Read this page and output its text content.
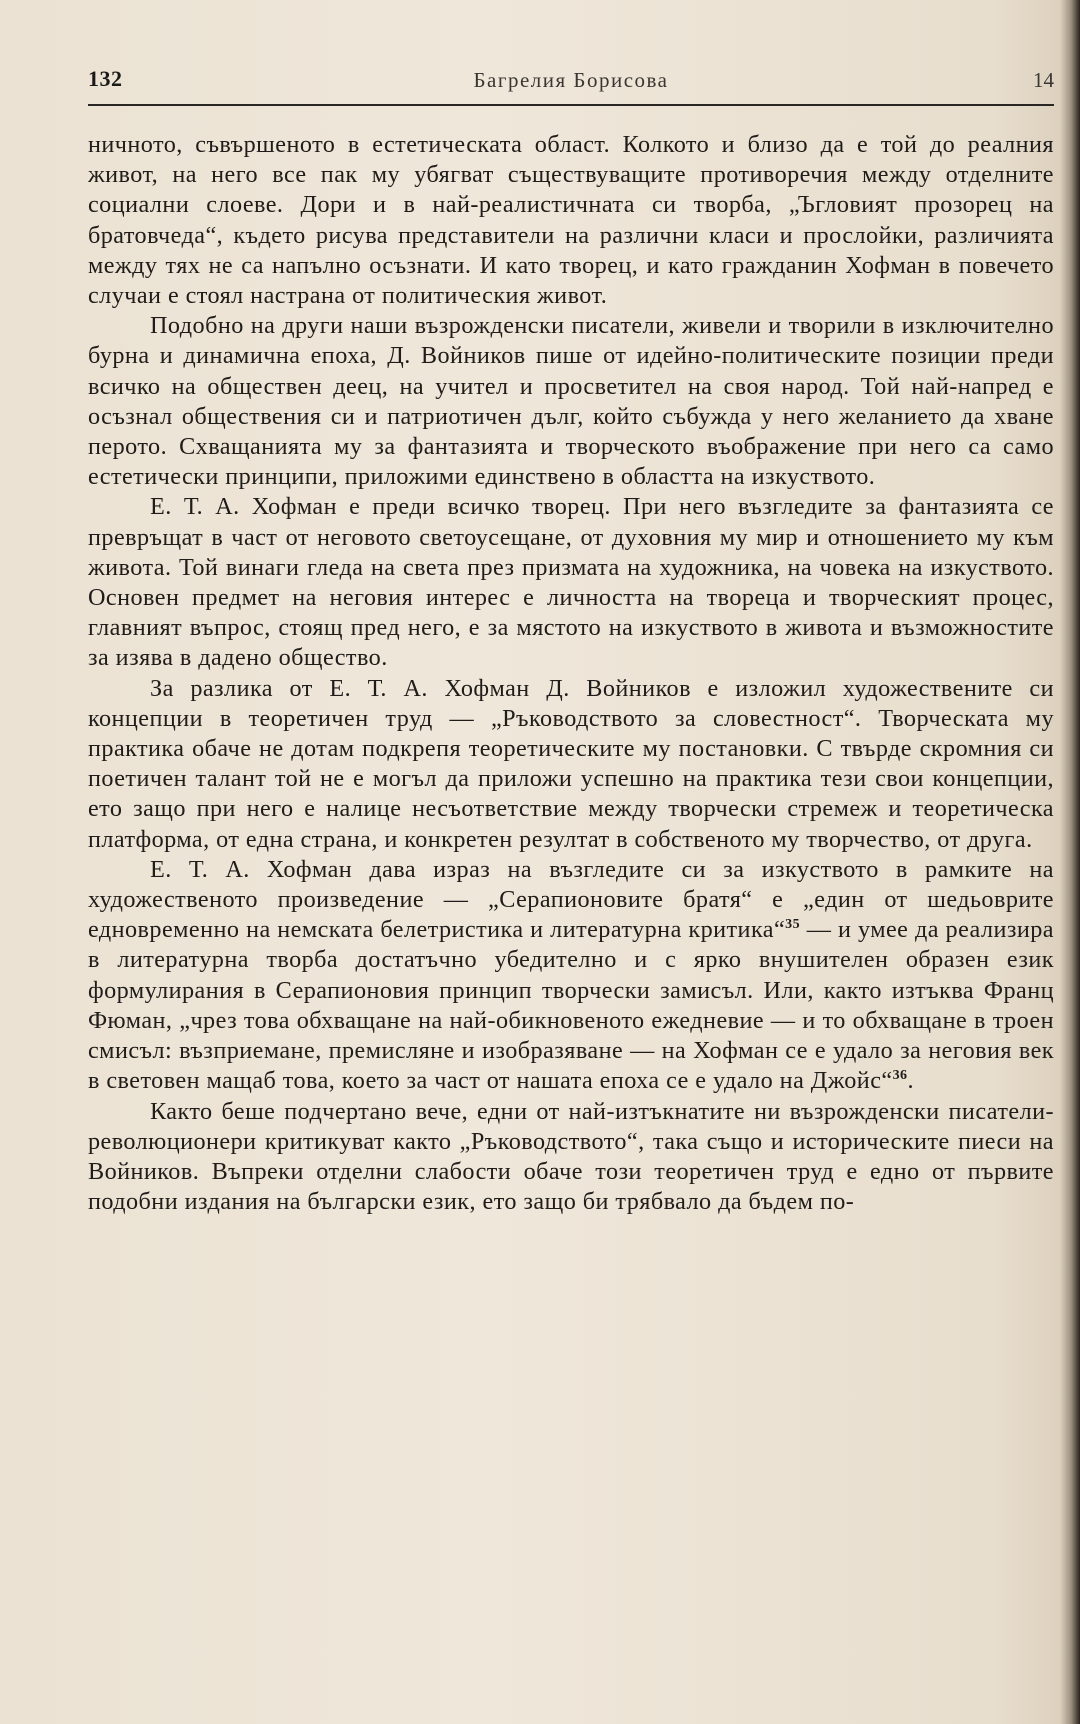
132	Багрелия Борисова	14

ничното, съвършеното в естетическата област. Колкото и близо да е той до реалния живот, на него все пак му убягват съществуващите противоречия между отделните социални слоеве. Дори и в най-реалистичната си творба, „Ъгловият прозорец на братовчеда“, където рисува представители на различни класи и прослойки, различията между тях не са напълно осъзнати. И като творец, и като гражданин Хофман в повечето случаи е стоял настрана от политическия живот.

Подобно на други наши възрожденски писатели, живели и творили в изключително бурна и динамична епоха, Д. Войников пише от идейно-политическите позиции преди всичко на обществен деец, на учител и просветител на своя народ. Той най-напред е осъзнал обществения си и патриотичен дълг, който събужда у него желанието да хване перото. Схващанията му за фантазията и творческото въображение при него са само естетически принципи, приложими единствено в областта на изкуството.

Е. Т. А. Хофман е преди всичко творец. При него възгледите за фантазията се превръщат в част от неговото светоусещане, от духовния му мир и отношението му към живота. Той винаги гледа на света през призмата на художника, на човека на изкуството. Основен предмет на неговия интерес е личността на твореца и творческият процес, главният въпрос, стоящ пред него, е за мястото на изкуството в живота и възможностите за изява в дадено общество.

За разлика от Е. Т. А. Хофман Д. Войников е изложил художествените си концепции в теоретичен труд — „Ръководството за словестност“. Творческата му практика обаче не дотам подкрепя теоретическите му постановки. С твърде скромния си поетичен талант той не е могъл да приложи успешно на практика тези свои концепции, ето защо при него е налице несъответствие между творчески стремеж и теоретическа платформа, от една страна, и конкретен резултат в собственото му творчество, от друга.

Е. Т. А. Хофман дава израз на възгледите си за изкуството в рамките на художественото произведение — „Серапионовите братя“ е „един от шедьоврите едновременно на немската белетристика и литературна критика“$^{35}$ — и умее да реализира в литературна творба достатъчно убедително и с ярко внушителен образен език формулирания в Серапионовия принцип творчески замисъл. Или, както изтъква Франц Фюман, „чрез това обхващане на най-обикновеното ежедневие — и то обхващане в троен смисъл: възприемане, премисляне и изобразяване — на Хофман се е удало за неговия век в световен мащаб това, което за част от нашата епоха се е удало на Джойс“$^{36}$.

Както беше подчертано вече, едни от най-изтъкнатите ни възрожденски писатели-революционери критикуват както „Ръководството“, така също и историческите пиеси на Войников. Въпреки отделни слабости обаче този теоретичен труд е едно от първите подобни издания на български език, ето защо би трябвало да бъдем по-
